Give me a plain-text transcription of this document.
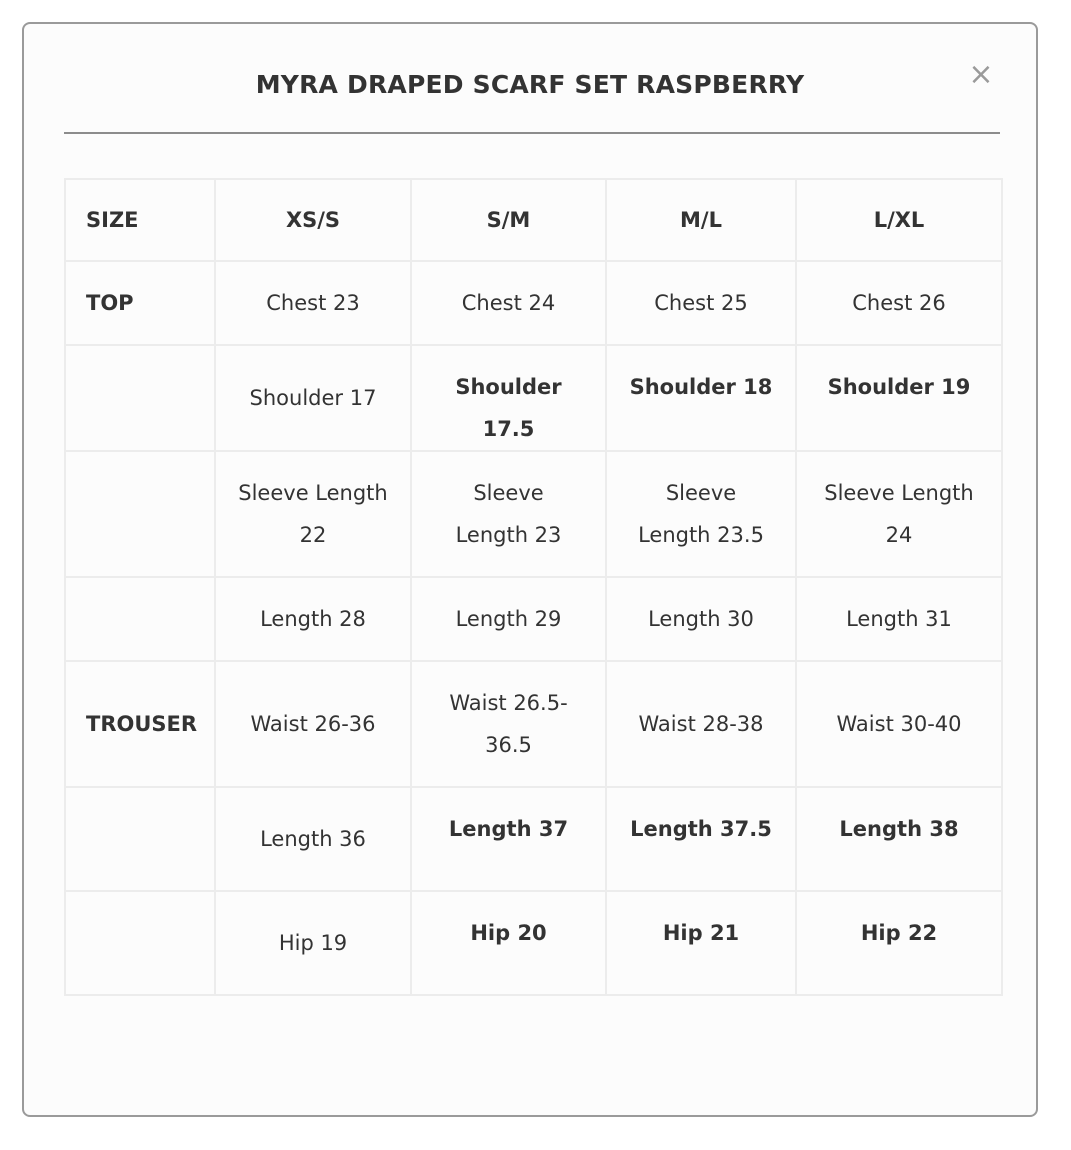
MYRA DRAPED SCARF SET RASPBERRY	×
SIZE	XS/S	S/M	M/L	L/XL
TOP	Chest 23	Chest 24	Chest 25	Chest 26
	Shoulder 17	Shoulder 17.5	Shoulder 18	Shoulder 19
	Sleeve Length 22	Sleeve Length 23	Sleeve Length 23.5	Sleeve Length 24
	Length 28	Length 29	Length 30	Length 31
TROUSER	Waist 26-36	Waist 26.5-36.5	Waist 28-38	Waist 30-40
	Length 36	Length 37	Length 37.5	Length 38
	Hip 19	Hip 20	Hip 21	Hip 22
